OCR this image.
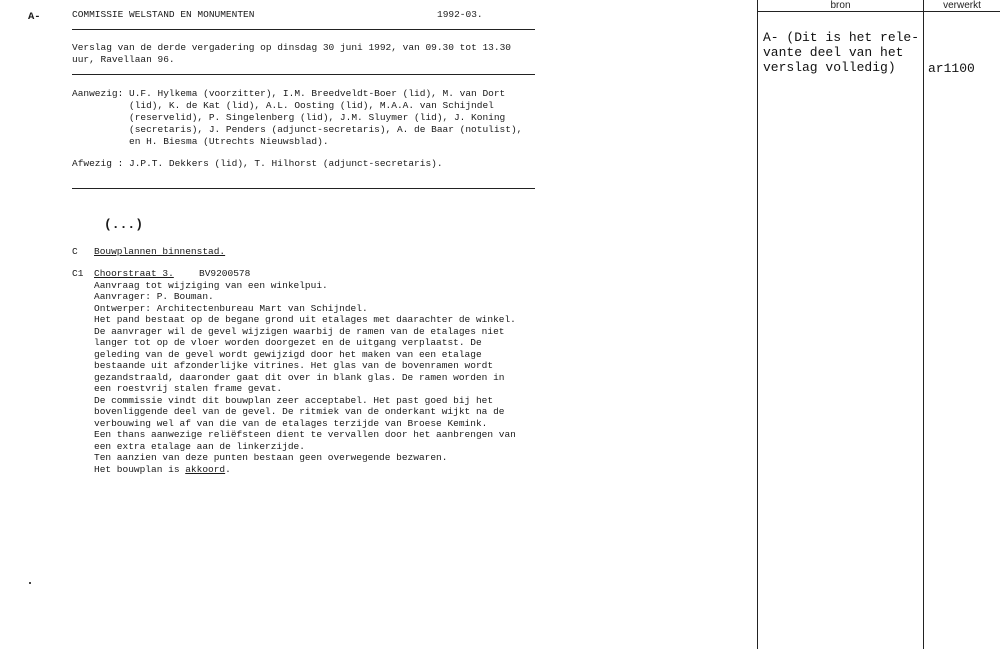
A-	COMMISSIE WELSTAND EN MONUMENTEN	1992-03.
Verslag van de derde vergadering op dinsdag 30 juni 1992, van 09.30 tot 13.30
uur, Ravellaan 96.
Aanwezig: U.F. Hylkema (voorzitter), I.M. Breedveldt-Boer (lid), M. van Dort
(lid), K. de Kat (lid), A.L. Oosting (lid), M.A.A. van Schijndel
(reservelid), P. Singelenberg (lid), J.M. Sluymer (lid), J. Koning
(secretaris), J. Penders (adjunct-secretaris), A. de Baar (notulist),
en H. Biesma (Utrechts Nieuwsblad).
Afwezig : J.P.T. Dekkers (lid), T. Hilhorst (adjunct-secretaris).
(...)
C Bouwplannen binnenstad.
C1 Choorstraat 3.	BV9200578
Aanvraag tot wijziging van een winkelpui.
Aanvrager: P. Bouman.
Ontwerper: Architectenbureau Mart van Schijndel.
Het pand bestaat op de begane grond uit etalages met daarachter de winkel.
De aanvrager wil de gevel wijzigen waarbij de ramen van de etalages niet
langer tot op de vloer worden doorgezet en de uitgang verplaatst. De
geleding van de gevel wordt gewijzigd door het maken van een etalage
bestaande uit afzonderlijke vitrines. Het glas van de bovenramen wordt
gezandstraald, daaronder gaat dit over in blank glas. De ramen worden in
een roestvrij stalen frame gevat.
De commissie vindt dit bouwplan zeer acceptabel. Het past goed bij het
bovenliggende deel van de gevel. De ritmiek van de onderkant wijkt na de
verbouwing wel af van die van de etalages terzijde van Broese Kemink.
Een thans aanwezige reliëfsteen dient te vervallen door het aanbrengen van
een extra etalage aan de linkerzijde.
Ten aanzien van deze punten bestaan geen overwegende bezwaren.
Het bouwplan is akkoord.
bron	verwerkt
A- (Dit is het rele-
vante deel van het
verslag volledig) ar1100
